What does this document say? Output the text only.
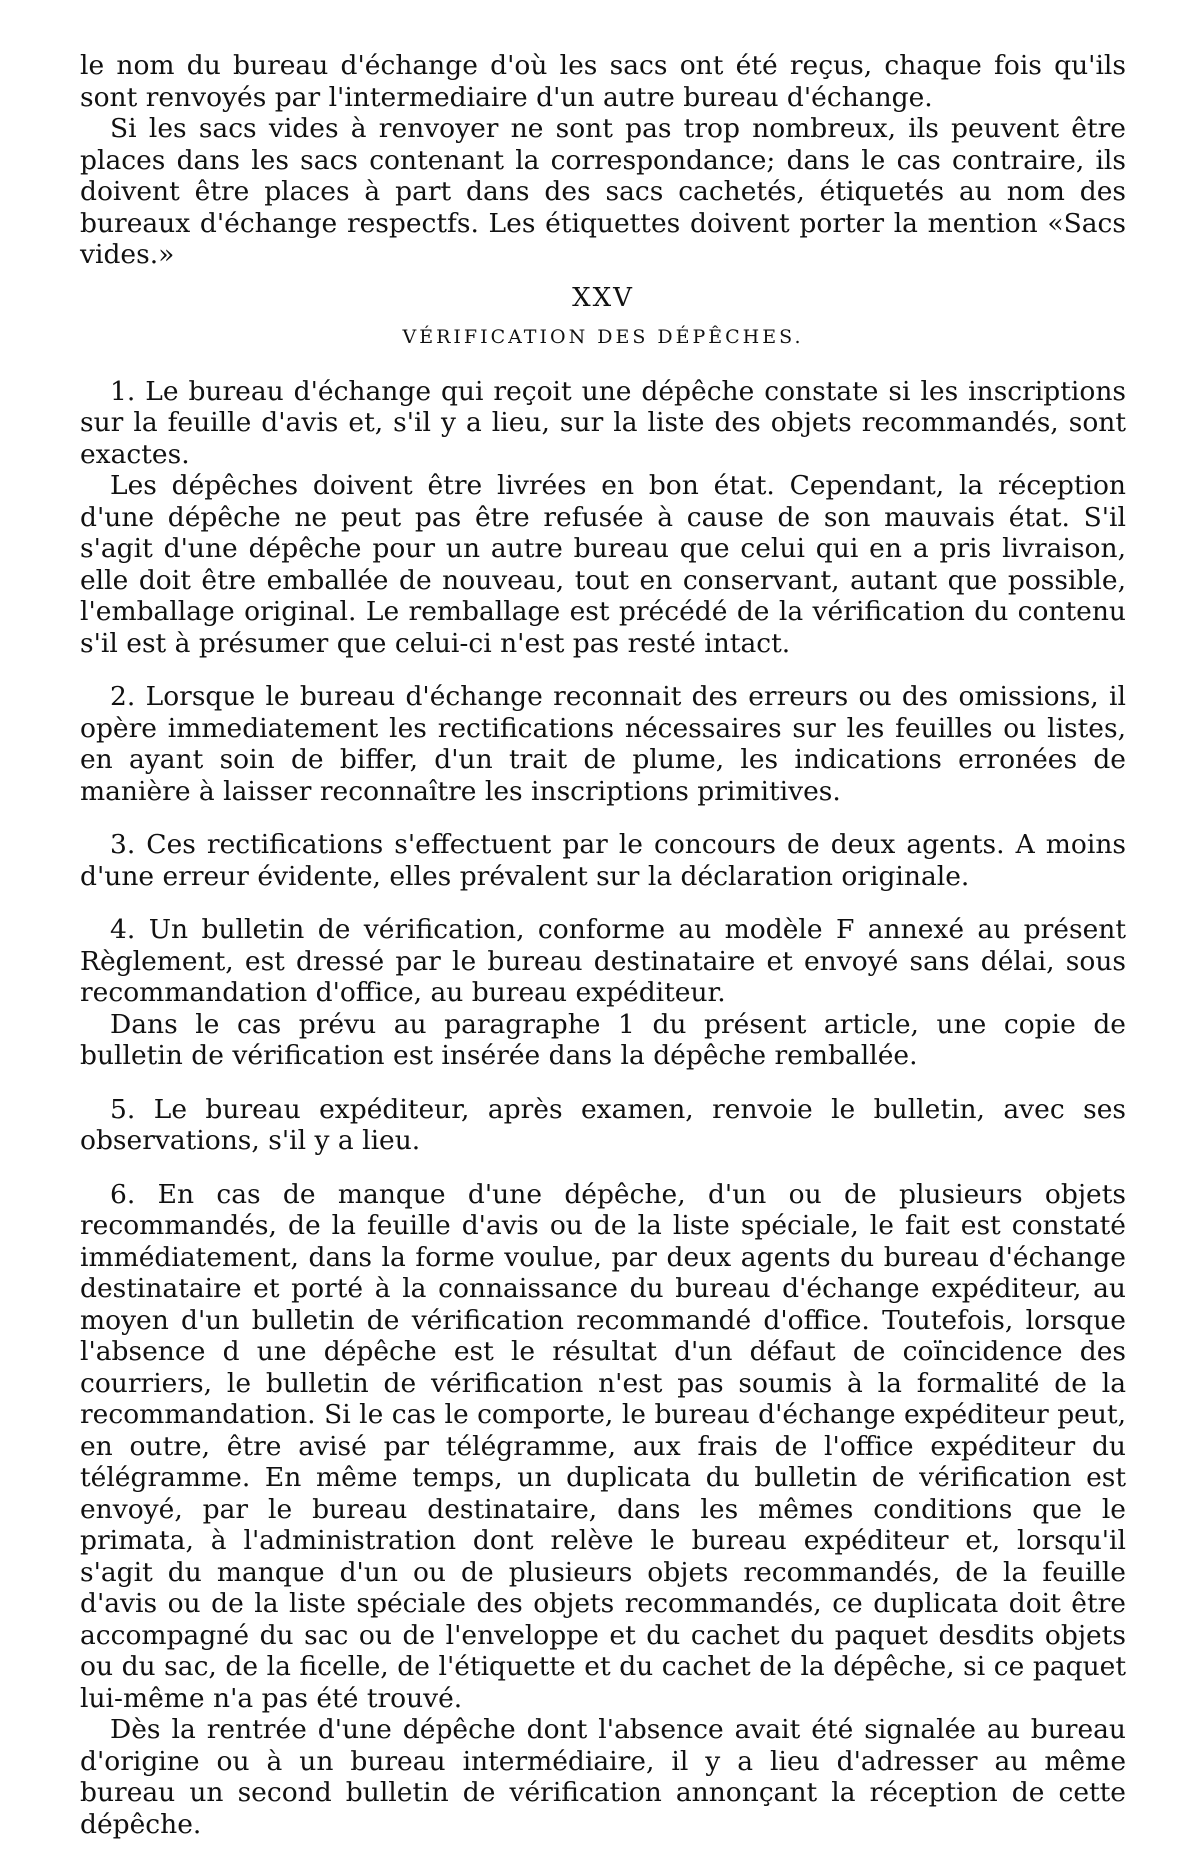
le nom du bureau d'échange d'où les sacs ont été reçus, chaque fois qu'ils sont renvoyés par l'intermediaire d'un autre bureau d'échange.

Si les sacs vides à renvoyer ne sont pas trop nombreux, ils peuvent être places dans les sacs contenant la correspondance; dans le cas contraire, ils doivent être places à part dans des sacs cachetés, étiquetés au nom des bureaux d'échange respectfs. Les étiquettes doivent porter la mention «Sacs vides.»

XXV
VÉRIFICATION DES DÉPÊCHES.

1. Le bureau d'échange qui reçoit une dépêche constate si les inscriptions sur la feuille d'avis et, s'il y a lieu, sur la liste des objets recommandés, sont exactes.

Les dépêches doivent être livrées en bon état. Cependant, la réception d'une dépêche ne peut pas être refusée à cause de son mauvais état. S'il s'agit d'une dépêche pour un autre bureau que celui qui en a pris livraison, elle doit être emballée de nouveau, tout en conservant, autant que possible, l'emballage original. Le remballage est précédé de la vérification du contenu s'il est à présumer que celui-ci n'est pas resté intact.

2. Lorsque le bureau d'échange reconnait des erreurs ou des omissions, il opère immediatement les rectifications nécessaires sur les feuilles ou listes, en ayant soin de biffer, d'un trait de plume, les indications erronées de manière à laisser reconnaître les inscriptions primitives.

3. Ces rectifications s'effectuent par le concours de deux agents. A moins d'une erreur évidente, elles prévalent sur la déclaration originale.

4. Un bulletin de vérification, conforme au modèle F annexé au présent Règlement, est dressé par le bureau destinataire et envoyé sans délai, sous recommandation d'office, au bureau expéditeur.

Dans le cas prévu au paragraphe 1 du présent article, une copie de bulletin de vérification est insérée dans la dépêche remballée.

5. Le bureau expéditeur, après examen, renvoie le bulletin, avec ses observations, s'il y a lieu.

6. En cas de manque d'une dépêche, d'un ou de plusieurs objets recommandés, de la feuille d'avis ou de la liste spéciale, le fait est constaté immédiatement, dans la forme voulue, par deux agents du bureau d'échange destinataire et porté à la connaissance du bureau d'échange expéditeur, au moyen d'un bulletin de vérification recommandé d'office. Toutefois, lorsque l'absence d une dépêche est le résultat d'un défaut de coïncidence des courriers, le bulletin de vérification n'est pas soumis à la formalité de la recommandation. Si le cas le comporte, le bureau d'échange expéditeur peut, en outre, être avisé par télégramme, aux frais de l'office expéditeur du télégramme. En même temps, un duplicata du bulletin de vérification est envoyé, par le bureau destinataire, dans les mêmes conditions que le primata, à l'administration dont relève le bureau expéditeur et, lorsqu'il s'agit du manque d'un ou de plusieurs objets recommandés, de la feuille d'avis ou de la liste spéciale des objets recommandés, ce duplicata doit être accompagné du sac ou de l'enveloppe et du cachet du paquet desdits objets ou du sac, de la ficelle, de l'étiquette et du cachet de la dépêche, si ce paquet lui-même n'a pas été trouvé.

Dès la rentrée d'une dépêche dont l'absence avait été signalée au bureau d'origine ou à un bureau intermédiaire, il y a lieu d'adresser au même bureau un second bulletin de vérification annonçant la réception de cette dépêche.
